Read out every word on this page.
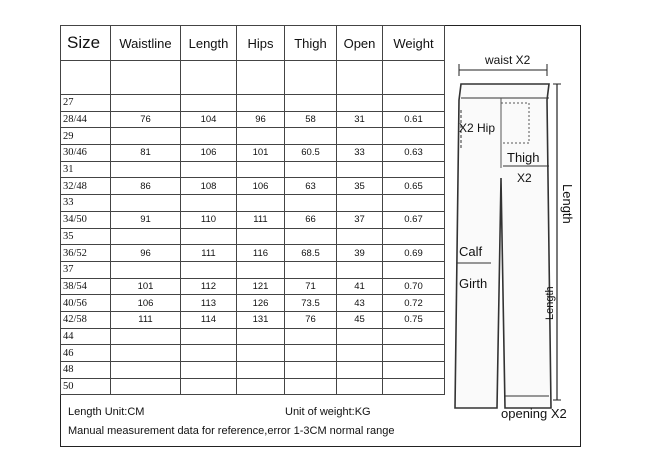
Size	Waistline	Length	Hips	Thigh	Open	Weight

27						
28/44	76	104	96	58	31	0.61
29						
30/46	81	106	101	60.5	33	0.63
31						
32/48	86	108	106	63	35	0.65
33						
34/50	91	110	111	66	37	0.67
35						
36/52	96	111	116	68.5	39	0.69
37						
38/54	101	112	121	71	41	0.70
40/56	106	113	126	73.5	43	0.72
42/58	111	114	131	76	45	0.75
44						
46						
48						
50						
Length Unit:CM	Unit of weight:KG
Manual measurement data for reference,error 1-3CM normal range
waist X2
X2 Hip
Thigh
X2
Length
Length
Calf
Girth
opening X2
